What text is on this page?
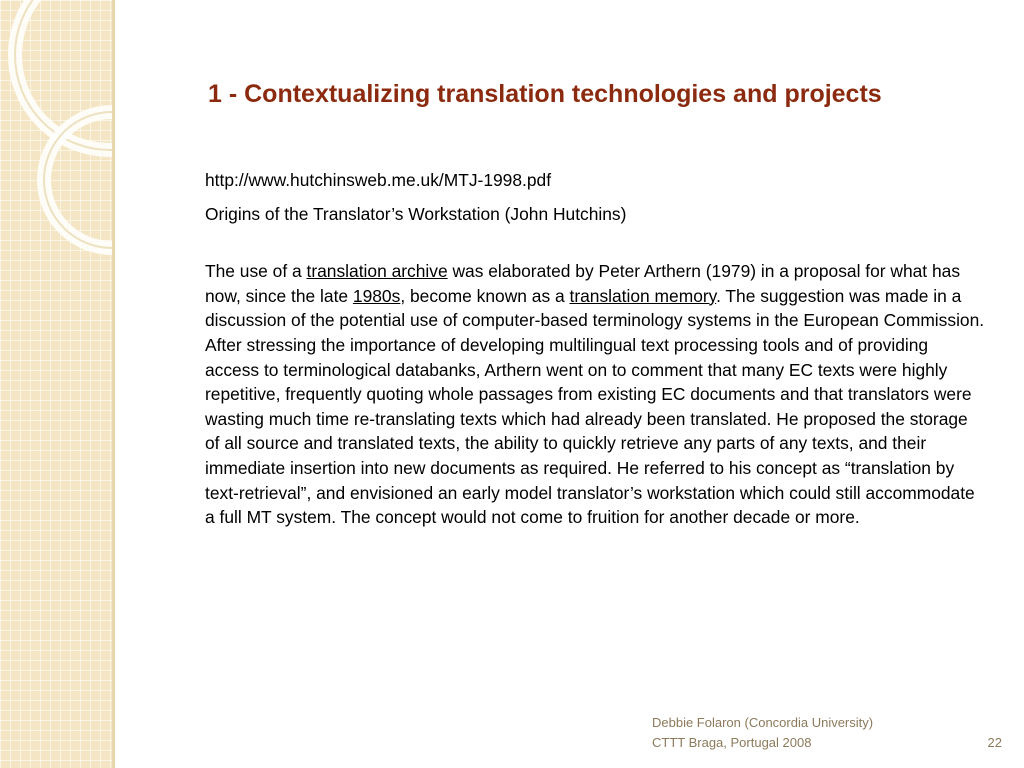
1 - Contextualizing translation technologies and projects

http://www.hutchinsweb.me.uk/MTJ-1998.pdf

Origins of the Translator’s Workstation (John Hutchins)

The use of a translation archive was elaborated by Peter Arthern (1979) in a proposal for what has now, since the late 1980s, become known as a translation memory. The suggestion was made in a discussion of the potential use of computer-based terminology systems in the European Commission. After stressing the importance of developing multilingual text processing tools and of providing access to terminological databanks, Arthern went on to comment that many EC texts were highly repetitive, frequently quoting whole passages from existing EC documents and that translators were wasting much time re-translating texts which had already been translated. He proposed the storage of all source and translated texts, the ability to quickly retrieve any parts of any texts, and their immediate insertion into new documents as required. He referred to his concept as “translation by text-retrieval”, and envisioned an early model translator’s workstation which could still accommodate a full MT system. The concept would not come to fruition for another decade or more.

Debbie Folaron (Concordia University)
CTTT Braga, Portugal 2008	22
